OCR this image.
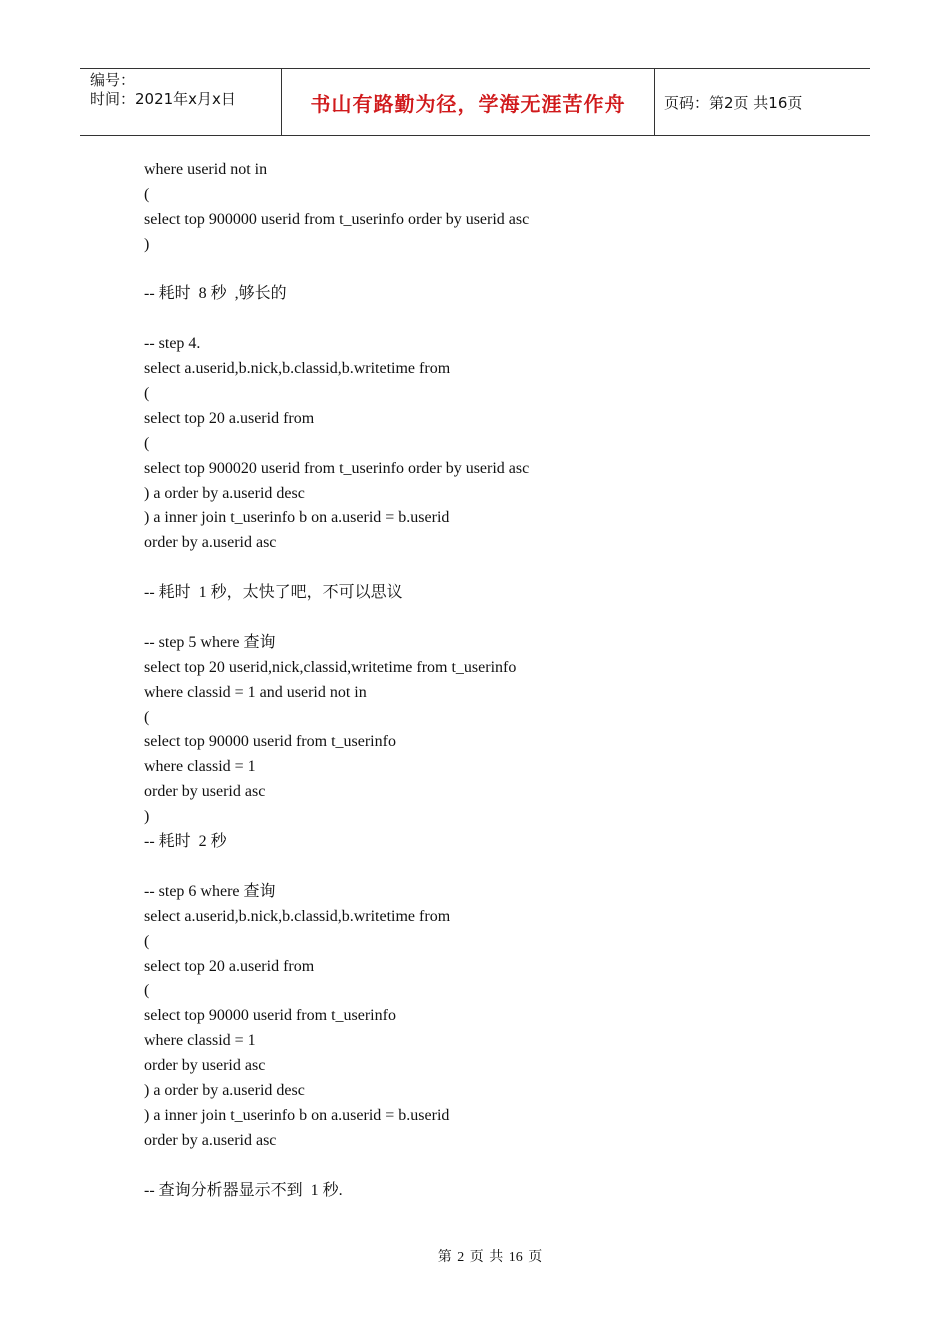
编号：
时间：2021年x月x日	书山有路勤为径，学海无涯苦作舟	页码：第2页 共16页
where userid not in
(
select top 900000 userid from t_userinfo order by userid asc
)
-- 耗时  8 秒  ,够长的
-- step 4.
select a.userid,b.nick,b.classid,b.writetime from
(
select top 20 a.userid from
(
select top 900020 userid from t_userinfo order by userid asc
) a order by a.userid desc
) a inner join t_userinfo b on a.userid = b.userid
order by a.userid asc
-- 耗时  1 秒，太快了吧，不可以思议
-- step 5 where 查询
select top 20 userid,nick,classid,writetime from t_userinfo
where classid = 1 and userid not in
(
select top 90000 userid from t_userinfo
where classid = 1
order by userid asc
)
-- 耗时  2 秒
-- step 6 where 查询
select a.userid,b.nick,b.classid,b.writetime from
(
select top 20 a.userid from
(
select top 90000 userid from t_userinfo
where classid = 1
order by userid asc
) a order by a.userid desc
) a inner join t_userinfo b on a.userid = b.userid
order by a.userid asc
-- 查询分析器显示不到  1 秒.
第 2 页 共 16 页
